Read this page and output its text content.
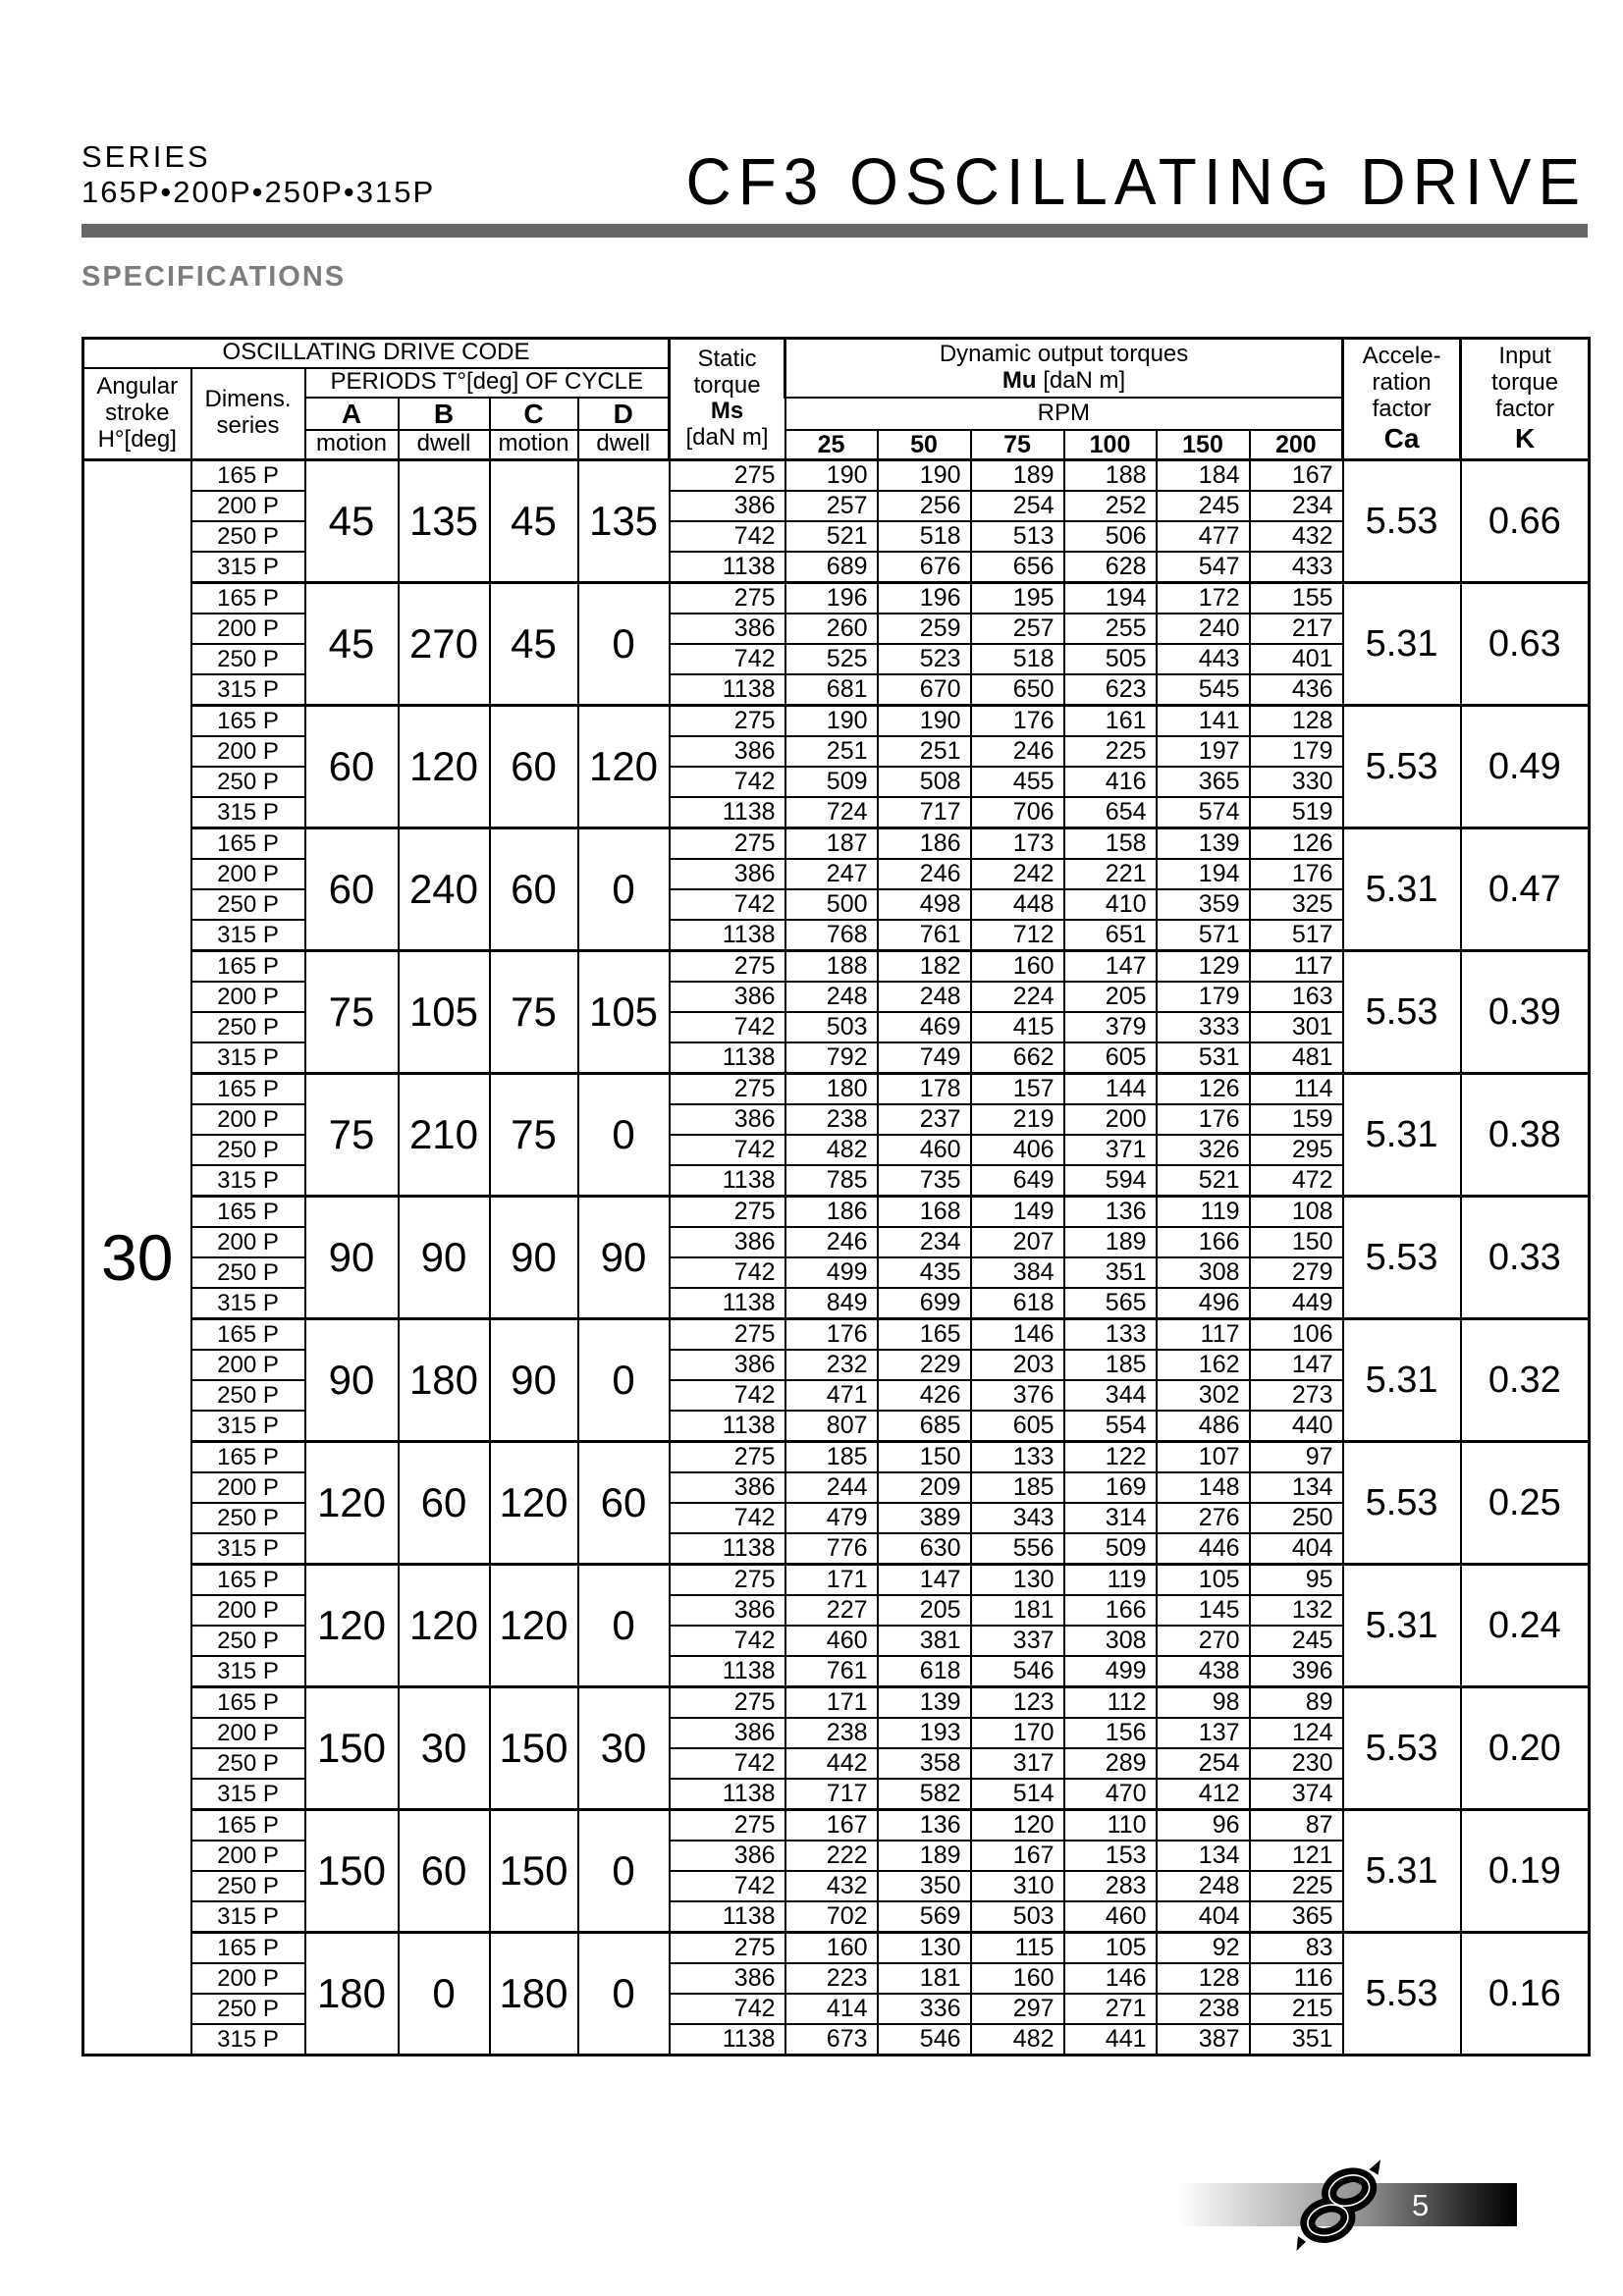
SERIES
165P•200P•250P•315P	CF3 OSCILLATING DRIVE
SPECIFICATIONS
OSCILLATING DRIVE CODE	Static
torque
Ms
[daN m]

Dynamic output torques
Mu [daN m]

Accele-
ration
factor
Ca

Input
torque
factor
K

Angular
stroke
H°[deg]

Dimens.
series
	PERIODS T°[deg] OF CYCLE
		A	B	C	D		RPM							
		motion	dwell	motion	dwell		25	50	75	100	150	200		
30	165 P	45	135	45	135	275	190	190	189	188	184	167	5.53	0.66
	200 P					386	257	256	254	252	245	234		
	250 P					742	521	518	513	506	477	432		
	315 P					1138	689	676	656	628	547	433		
	165 P	45	270	45	0	275	196	196	195	194	172	155	5.31	0.63
	200 P					386	260	259	257	255	240	217		
	250 P					742	525	523	518	505	443	401		
	315 P					1138	681	670	650	623	545	436		
	165 P	60	120	60	120	275	190	190	176	161	141	128	5.53	0.49
	200 P					386	251	251	246	225	197	179		
	250 P					742	509	508	455	416	365	330		
	315 P					1138	724	717	706	654	574	519		
	165 P	60	240	60	0	275	187	186	173	158	139	126	5.31	0.47
	200 P					386	247	246	242	221	194	176		
	250 P					742	500	498	448	410	359	325		
	315 P					1138	768	761	712	651	571	517		
	165 P	75	105	75	105	275	188	182	160	147	129	117	5.53	0.39
	200 P					386	248	248	224	205	179	163		
	250 P					742	503	469	415	379	333	301		
	315 P					1138	792	749	662	605	531	481		
	165 P	75	210	75	0	275	180	178	157	144	126	114	5.31	0.38
	200 P					386	238	237	219	200	176	159		
	250 P					742	482	460	406	371	326	295		
	315 P					1138	785	735	649	594	521	472		
	165 P	90	90	90	90	275	186	168	149	136	119	108	5.53	0.33
	200 P					386	246	234	207	189	166	150		
	250 P					742	499	435	384	351	308	279		
	315 P					1138	849	699	618	565	496	449		
	165 P	90	180	90	0	275	176	165	146	133	117	106	5.31	0.32
	200 P					386	232	229	203	185	162	147		
	250 P					742	471	426	376	344	302	273		
	315 P					1138	807	685	605	554	486	440		
	165 P	120	60	120	60	275	185	150	133	122	107	97	5.53	0.25
	200 P					386	244	209	185	169	148	134		
	250 P					742	479	389	343	314	276	250		
	315 P					1138	776	630	556	509	446	404		
	165 P	120	120	120	0	275	171	147	130	119	105	95	5.31	0.24
	200 P					386	227	205	181	166	145	132		
	250 P					742	460	381	337	308	270	245		
	315 P					1138	761	618	546	499	438	396		
	165 P	150	30	150	30	275	171	139	123	112	98	89	5.53	0.20
	200 P					386	238	193	170	156	137	124		
	250 P					742	442	358	317	289	254	230		
	315 P					1138	717	582	514	470	412	374		
	165 P	150	60	150	0	275	167	136	120	110	96	87	5.31	0.19
	200 P					386	222	189	167	153	134	121		
	250 P					742	432	350	310	283	248	225		
	315 P					1138	702	569	503	460	404	365		
	165 P	180	0	180	0	275	160	130	115	105	92	83	5.53	0.16
	200 P					386	223	181	160	146	128	116		
	250 P					742	414	336	297	271	238	215		
	315 P					1138	673	546	482	441	387	351		
5
